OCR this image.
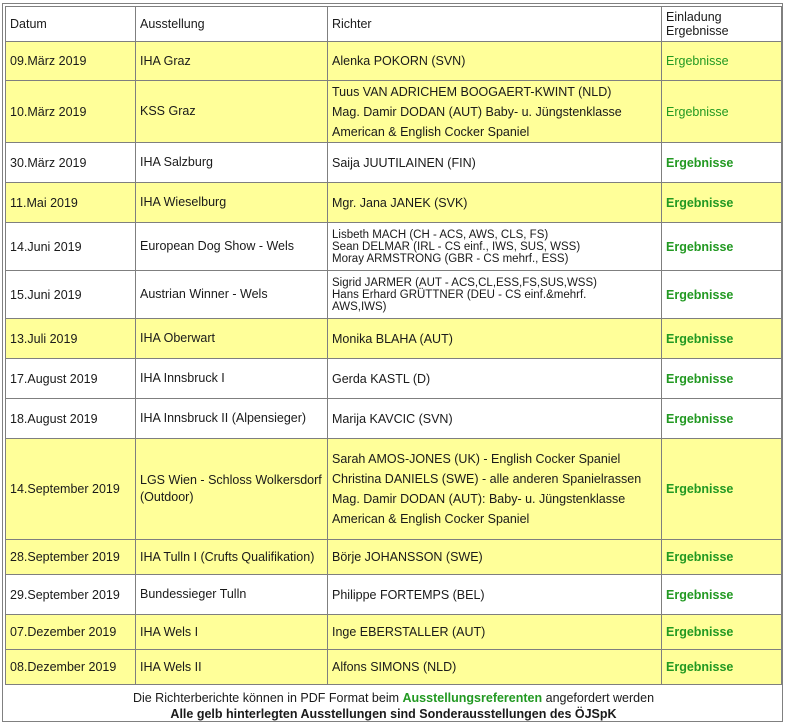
Datum	Ausstellung	Richter	Einladung
Ergebnisse

09.März 2019	IHA Graz	Alenka POKORN (SVN)	Ergebnisse
10.März 2019	KSS Graz	Tuus VAN ADRICHEM BOOGAERT-KWINT (NLD)
Mag. Damir DODAN (AUT) Baby- u. Jüngstenklasse
American & English Cocker Spaniel	Ergebnisse
30.März 2019	IHA Salzburg	Saija JUUTILAINEN (FIN)	Ergebnisse
11.Mai 2019	IHA Wieselburg	Mgr. Jana JANEK (SVK)	Ergebnisse
14.Juni 2019	European Dog Show - Wels	Lisbeth MACH (CH - ACS, AWS, CLS, FS)
Sean DELMAR (IRL - CS einf., IWS, SUS, WSS)
Moray ARMSTRONG (GBR - CS mehrf., ESS)	Ergebnisse
15.Juni 2019	Austrian Winner - Wels	Sigrid JARMER (AUT - ACS,CL,ESS,FS,SUS,WSS)
Hans Erhard GRÜTTNER (DEU - CS einf.&mehrf.
AWS,IWS)	Ergebnisse
13.Juli 2019	IHA Oberwart	Monika BLAHA (AUT)	Ergebnisse
17.August 2019	IHA Innsbruck I	Gerda KASTL (D)	Ergebnisse
18.August 2019	IHA Innsbruck II (Alpensieger)	Marija KAVCIC (SVN)	Ergebnisse
14.September 2019	LGS Wien - Schloss Wolkersdorf (Outdoor)	Sarah AMOS-JONES (UK) - English Cocker Spaniel
Christina DANIELS (SWE) - alle anderen Spanielrassen
Mag. Damir DODAN (AUT): Baby- u. Jüngstenklasse
American & English Cocker Spaniel	Ergebnisse
28.September 2019	IHA Tulln I (Crufts Qualifikation)	Börje JOHANSSON (SWE)	Ergebnisse
29.September 2019	Bundessieger Tulln	Philippe FORTEMPS (BEL)	Ergebnisse
07.Dezember 2019	IHA Wels I	Inge EBERSTALLER (AUT)	Ergebnisse
08.Dezember 2019	IHA Wels II	Alfons SIMONS (NLD)	Ergebnisse
Die Richterberichte können in PDF Format beim Ausstellungsreferenten angefordert werden
Alle gelb hinterlegten Ausstellungen sind Sonderausstellungen des ÖJSpK
